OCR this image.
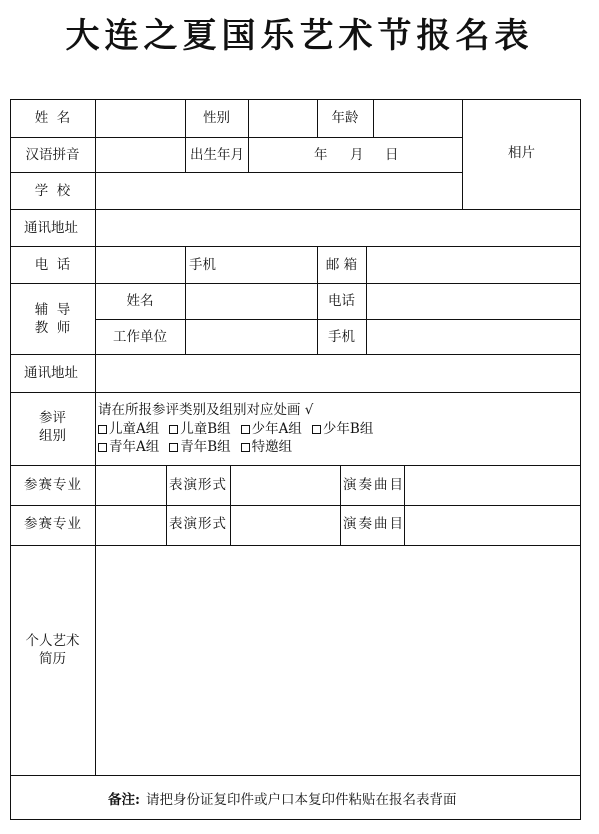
大连之夏国乐艺术节报名表
姓  名	性别	年龄
相片
汉语拼音	出生年月	年 月 日
学  校
通讯地址
电  话	手机	邮 箱
辅  导
教  师
姓名	电话
工作单位	手机
通讯地址
参评
组别
请在所报参评类别及组别对应处画 √
儿童A组 儿童B组 少年A组 少年B组
青年A组 青年B组 特邀组
参赛专业	表演形式	演奏曲目
参赛专业	表演形式	演奏曲目
个人艺术
简历
备注: 请把身份证复印件或户口本复印件粘贴在报名表背面
